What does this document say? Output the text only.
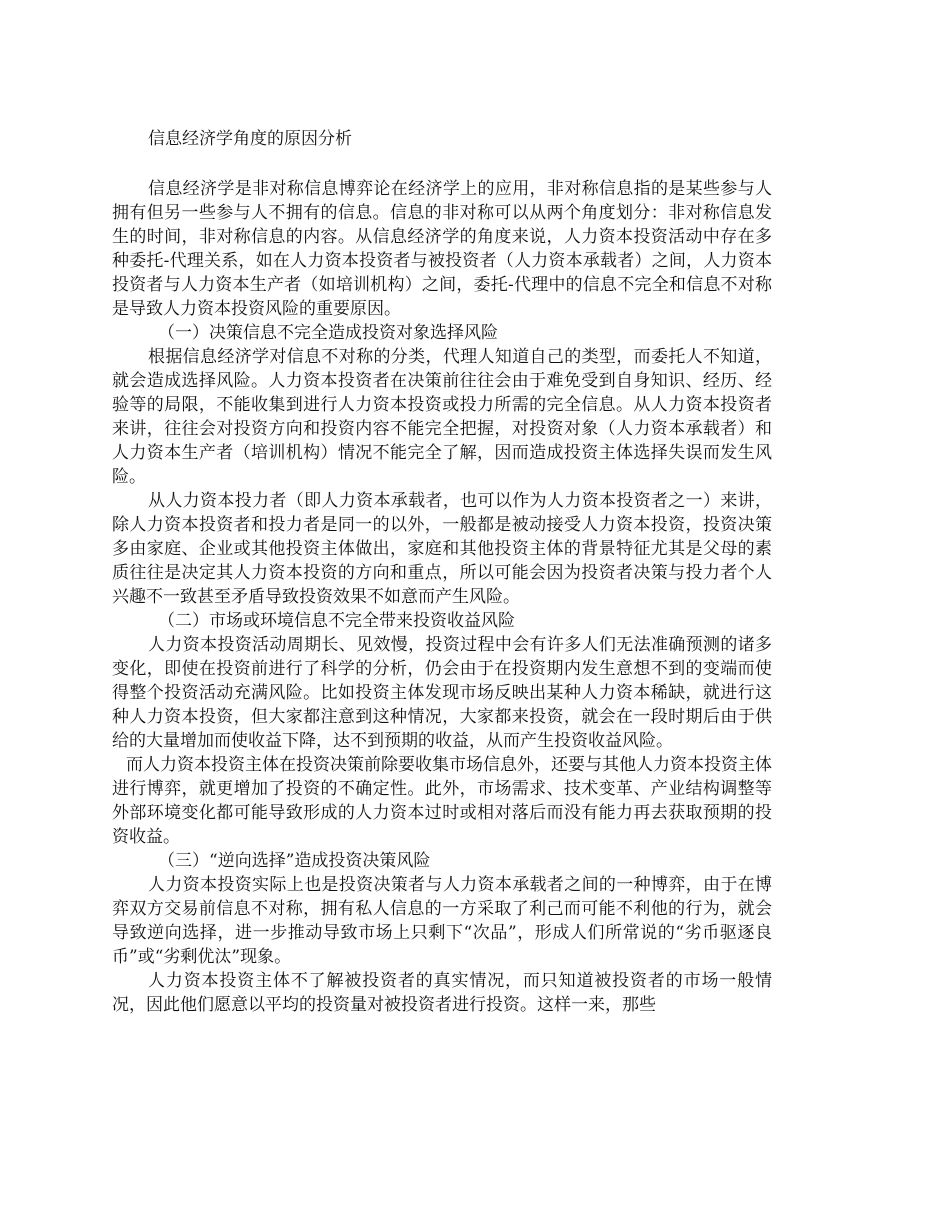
信息经济学角度的原因分析

信息经济学是非对称信息博弈论在经济学上的应用，非对称信息指的是某些参与人拥有但另一些参与人不拥有的信息。信息的非对称可以从两个角度划分：非对称信息发生的时间，非对称信息的内容。从信息经济学的角度来说，人力资本投资活动中存在多种委托-代理关系，如在人力资本投资者与被投资者（人力资本承载者）之间，人力资本投资者与人力资本生产者（如培训机构）之间，委托-代理中的信息不完全和信息不对称是导致人力资本投资风险的重要原因。

（一）决策信息不完全造成投资对象选择风险

根据信息经济学对信息不对称的分类，代理人知道自己的类型，而委托人不知道，就会造成选择风险。人力资本投资者在决策前往往会由于难免受到自身知识、经历、经验等的局限，不能收集到进行人力资本投资或投力所需的完全信息。从人力资本投资者来讲，往往会对投资方向和投资内容不能完全把握，对投资对象（人力资本承载者）和人力资本生产者（培训机构）情况不能完全了解，因而造成投资主体选择失误而发生风险。

从人力资本投力者（即人力资本承载者，也可以作为人力资本投资者之一）来讲，除人力资本投资者和投力者是同一的以外，一般都是被动接受人力资本投资，投资决策多由家庭、企业或其他投资主体做出，家庭和其他投资主体的背景特征尤其是父母的素质往往是决定其人力资本投资的方向和重点，所以可能会因为投资者决策与投力者个人兴趣不一致甚至矛盾导致投资效果不如意而产生风险。

（二）市场或环境信息不完全带来投资收益风险

人力资本投资活动周期长、见效慢，投资过程中会有许多人们无法准确预测的诸多变化，即使在投资前进行了科学的分析，仍会由于在投资期内发生意想不到的变端而使得整个投资活动充满风险。比如投资主体发现市场反映出某种人力资本稀缺，就进行这种人力资本投资，但大家都注意到这种情况，大家都来投资，就会在一段时期后由于供给的大量增加而使收益下降，达不到预期的收益，从而产生投资收益风险。

而人力资本投资主体在投资决策前除要收集市场信息外，还要与其他人力资本投资主体进行博弈，就更增加了投资的不确定性。此外，市场需求、技术变革、产业结构调整等外部环境变化都可能导致形成的人力资本过时或相对落后而没有能力再去获取预期的投资收益。

（三）“逆向选择”造成投资决策风险

人力资本投资实际上也是投资决策者与人力资本承载者之间的一种博弈，由于在博弈双方交易前信息不对称，拥有私人信息的一方采取了利己而可能不利他的行为，就会导致逆向选择，进一步推动导致市场上只剩下“次品”，形成人们所常说的“劣币驱逐良币”或“劣剩优汰”现象。

人力资本投资主体不了解被投资者的真实情况，而只知道被投资者的市场一般情况，因此他们愿意以平均的投资量对被投资者进行投资。这样一来，那些
